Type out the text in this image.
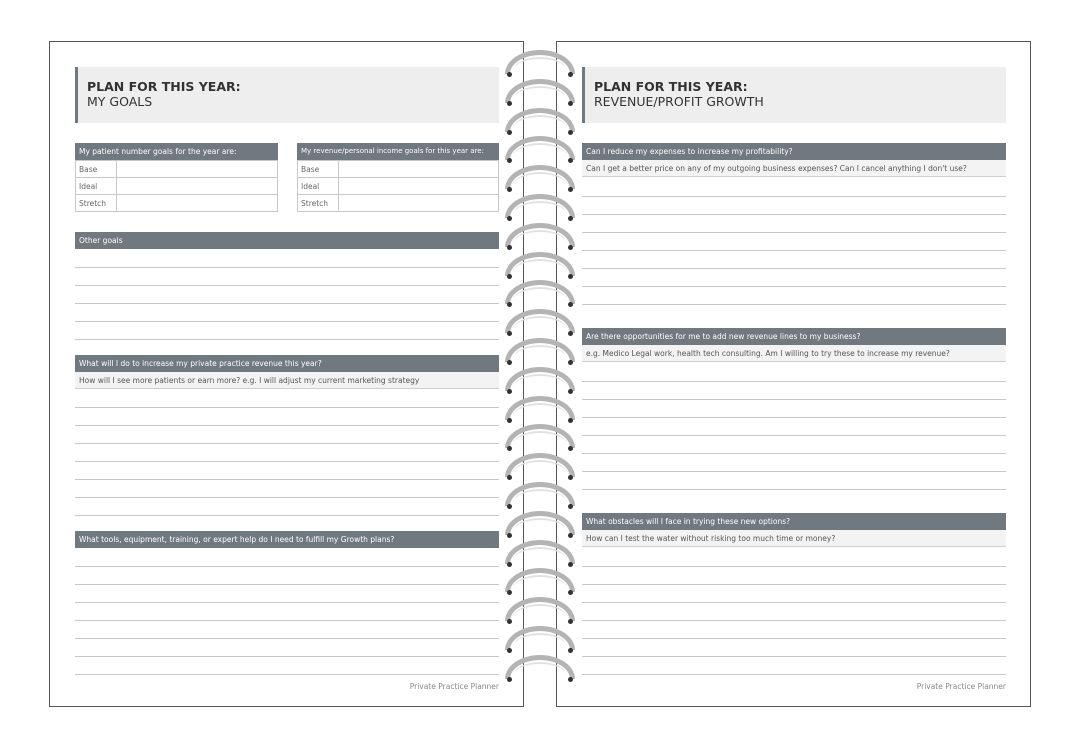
PLAN FOR THIS YEAR:
MY GOALS
My patient number goals for the year are:
Base	
Ideal	
Stretch	
My revenue/personal income goals for this year are:
Base	
Ideal	
Stretch	
Other goals
What will I do to increase my private practice revenue this year?
How will I see more patients or earn more? e.g. I will adjust my current marketing strategy
What tools, equipment, training, or expert help do I need to fulfill my Growth plans?
Private Practice Planner
PLAN FOR THIS YEAR:
REVENUE/PROFIT GROWTH
Can I reduce my expenses to increase my profitability?
Can I get a better price on any of my outgoing business expenses? Can I cancel anything I don't use?
Are there opportunities for me to add new revenue lines to my business?
e.g. Medico Legal work, health tech consulting. Am I willing to try these to increase my revenue?
What obstacles will I face in trying these new options?
How can I test the water without risking too much time or money?
Private Practice Planner
